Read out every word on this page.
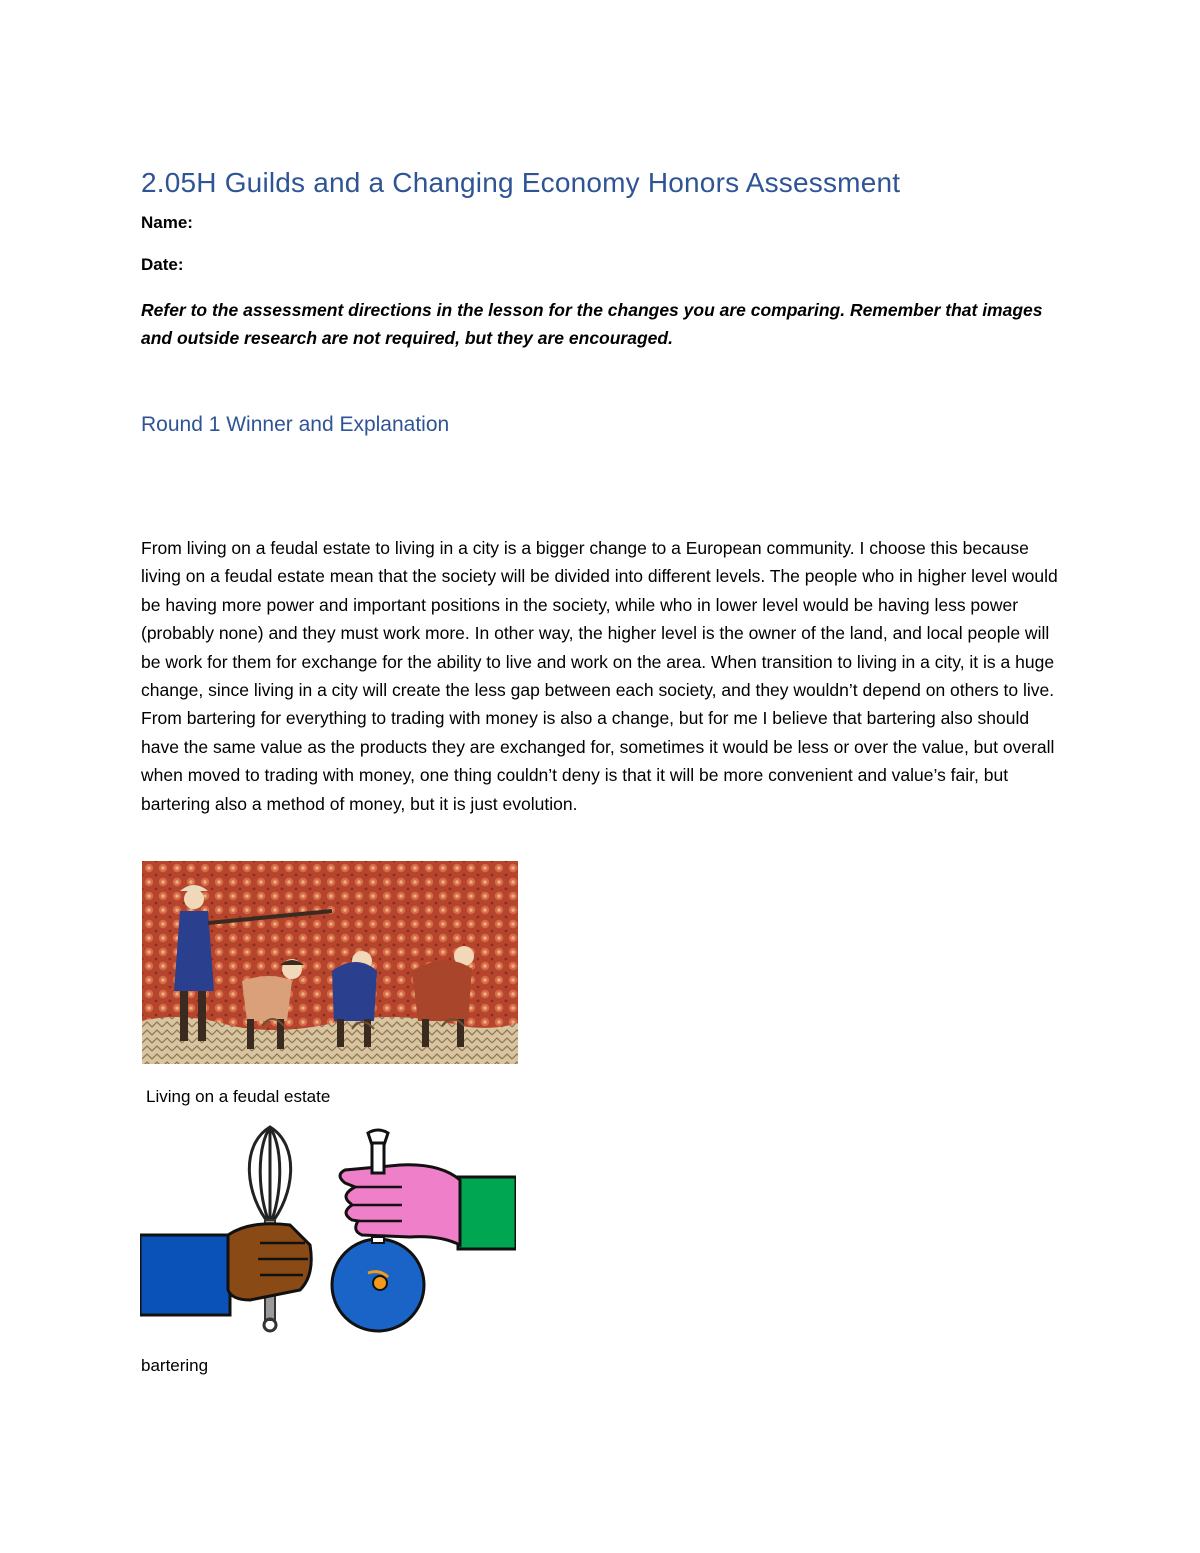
2.05H Guilds and a Changing Economy Honors Assessment

Name:

Date:

Refer to the assessment directions in the lesson for the changes you are comparing. Remember that images and outside research are not required, but they are encouraged.

Round 1 Winner and Explanation

From living on a feudal estate to living in a city is a bigger change to a European community. I choose this because living on a feudal estate mean that the society will be divided into different levels. The people who in higher level would be having more power and important positions in the society, while who in lower level would be having less power (probably none) and they must work more. In other way, the higher level is the owner of the land, and local people will be work for them for exchange for the ability to live and work on the area. When transition to living in a city, it is a huge change, since living in a city will create the less gap between each society, and they wouldn’t depend on others to live. From bartering for everything to trading with money is also a change, but for me I believe that bartering also should have the same value as the products they are exchanged for, sometimes it would be less or over the value, but overall when moved to trading with money, one thing couldn’t deny is that it will be more convenient and value’s fair, but bartering also a method of money, but it is just evolution.

Living on a feudal estate

bartering
